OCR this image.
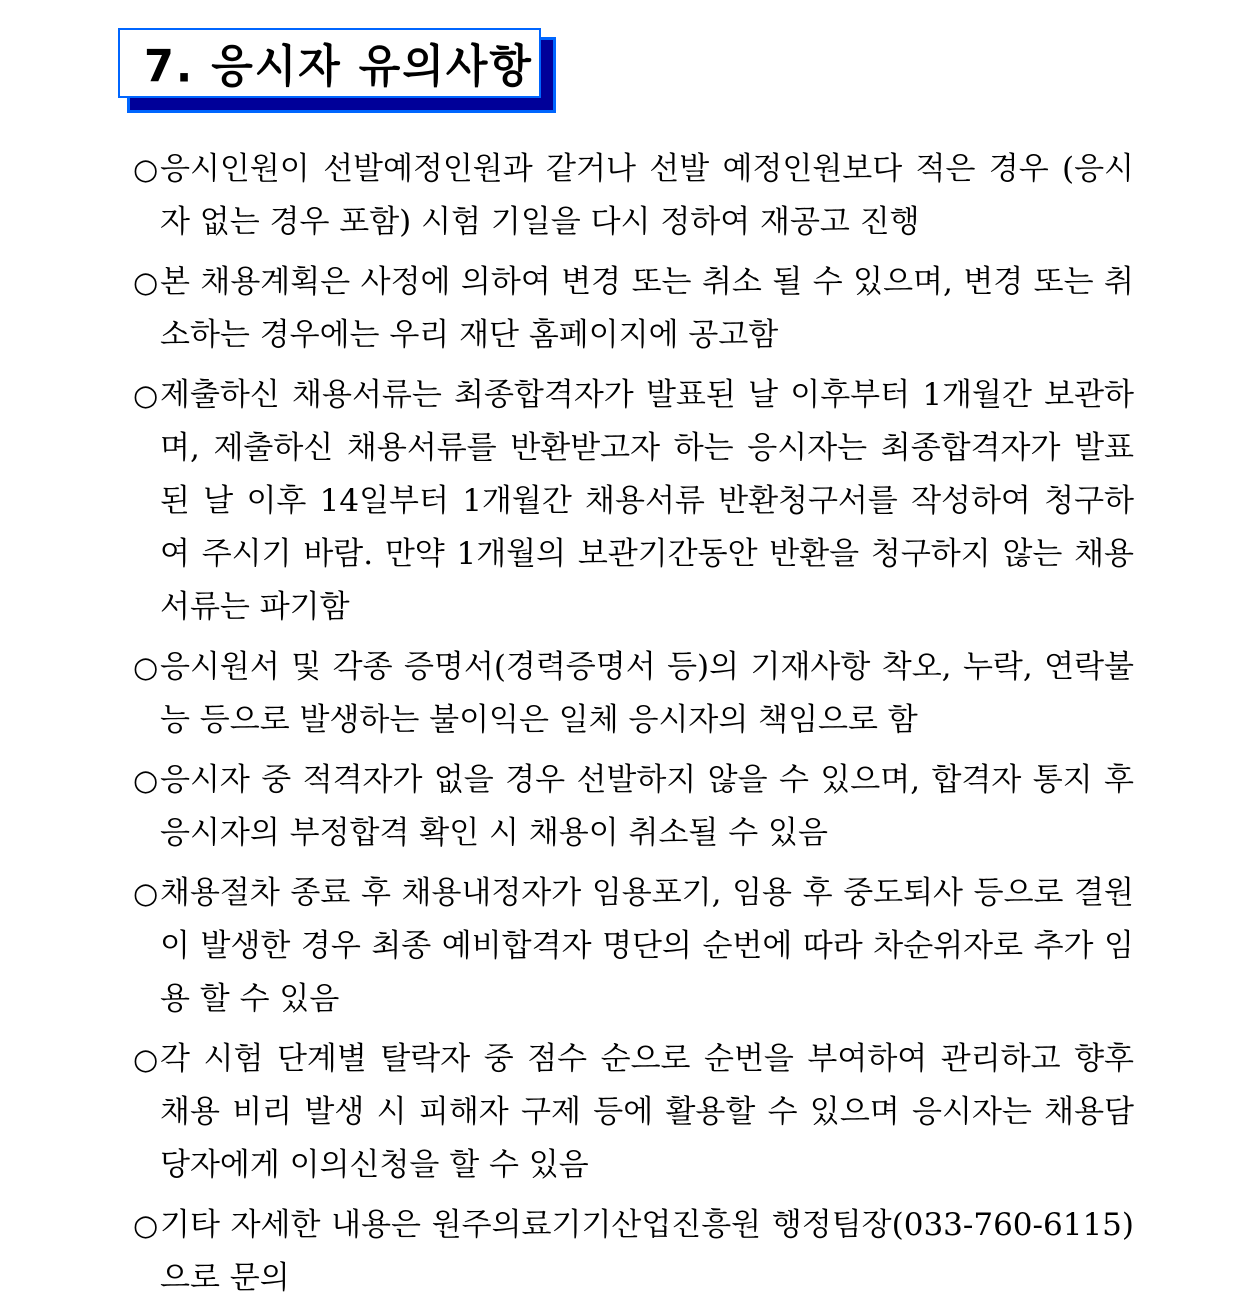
7. 응시자 유의사항
○ 응시인원이 선발예정인원과 같거나 선발 예정인원보다 적은 경우 (응시자 없는 경우 포함) 시험 기일을 다시 정하여 재공고 진행
○ 본 채용계획은 사정에 의하여 변경 또는 취소 될 수 있으며, 변경 또는 취소하는 경우에는 우리 재단 홈페이지에 공고함
○ 제출하신 채용서류는 최종합격자가 발표된 날 이후부터 1개월간 보관하며, 제출하신 채용서류를 반환받고자 하는 응시자는 최종합격자가 발표된 날 이후 14일부터 1개월간 채용서류 반환청구서를 작성하여 청구하여 주시기 바람. 만약 1개월의 보관기간동안 반환을 청구하지 않는 채용서류는 파기함
○ 응시원서 및 각종 증명서(경력증명서 등)의 기재사항 착오, 누락, 연락불능 등으로 발생하는 불이익은 일체 응시자의 책임으로 함
○ 응시자 중 적격자가 없을 경우 선발하지 않을 수 있으며, 합격자 통지 후 응시자의 부정합격 확인 시 채용이 취소될 수 있음
○ 채용절차 종료 후 채용내정자가 임용포기, 임용 후 중도퇴사 등으로 결원이 발생한 경우 최종 예비합격자 명단의 순번에 따라 차순위자로 추가 임용 할 수 있음
○ 각 시험 단계별 탈락자 중 점수 순으로 순번을 부여하여 관리하고 향후 채용 비리 발생 시 피해자 구제 등에 활용할 수 있으며 응시자는 채용담당자에게 이의신청을 할 수 있음
○ 기타 자세한 내용은 원주의료기기산업진흥원 행정팀장(033-760-6115)으로 문의
